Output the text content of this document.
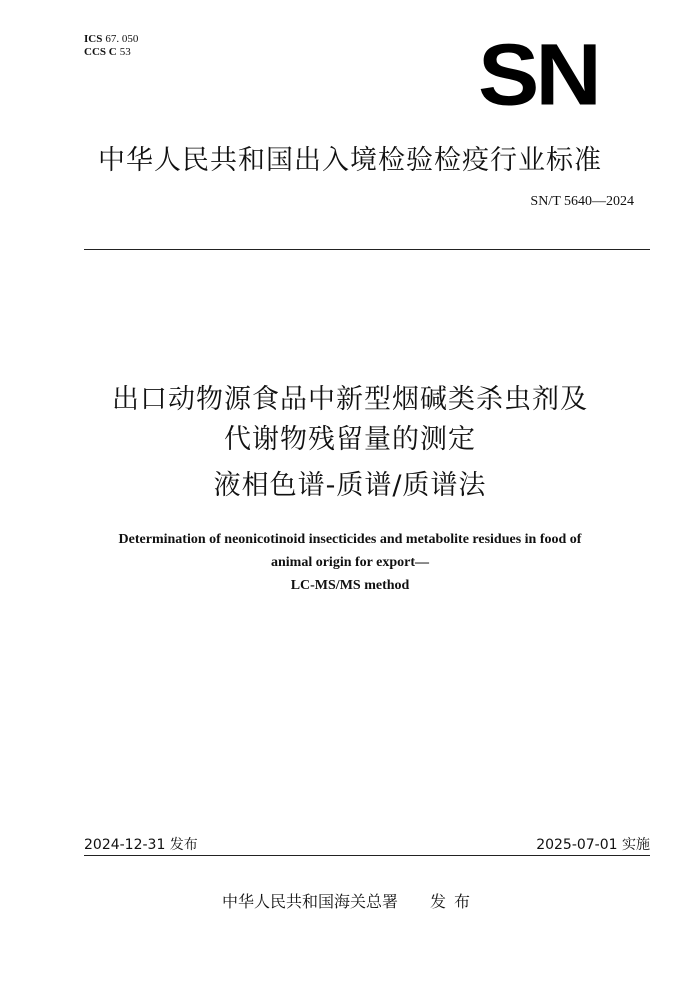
ICS 67. 050
CCS C 53	SN
中华人民共和国出入境检验检疫行业标准
SN/T 5640—2024
出口动物源食品中新型烟碱类杀虫剂及
代谢物残留量的测定
液相色谱-质谱/质谱法
Determination of neonicotinoid insecticides and metabolite residues in food of
animal origin for export—
LC-MS/MS method
2024-12-31 发布	2025-07-01 实施
中华人民共和国海关总署 发布
